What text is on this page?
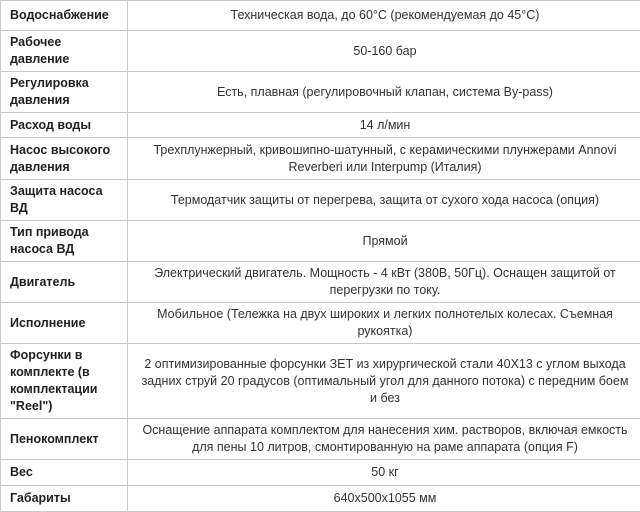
Водоснабжение	Техническая вода, до 60°С (рекомендуемая до 45°С)
Рабочее давление	50-160 бар
Регулировка давления	Есть, плавная (регулировочный клапан, система By-pass)
Расход воды	14 л/мин
Насос высокого давления	Трехплунжерный, кривошипно-шатунный, с керамическими плунжерами Annovi Reverberi или Interpump (Италия)
Защита насоса ВД	Термодатчик защиты от перегрева, защита от сухого хода насоса (опция)
Тип привода насоса ВД	Прямой
Двигатель	Электрический двигатель. Мощность - 4 кВт (380В, 50Гц). Оснащен защитой от перегрузки по току.
Исполнение	Мобильное (Тележка на двух широких и легких полнотелых колесах. Съемная рукоятка)
Форсунки в комплекте (в комплектации "Reel")	2 оптимизированные форсунки ЗЕТ из хирургической стали 40Х13 с углом выхода задних струй 20 градусов (оптимальный угол для данного потока) с передним боем и без
Пенокомплект	Оснащение аппарата комплектом для нанесения хим. растворов, включая емкость для пены 10 литров, смонтированную на раме аппарата (опция F)
Вес	50 кг
Габариты	640х500х1055 мм
